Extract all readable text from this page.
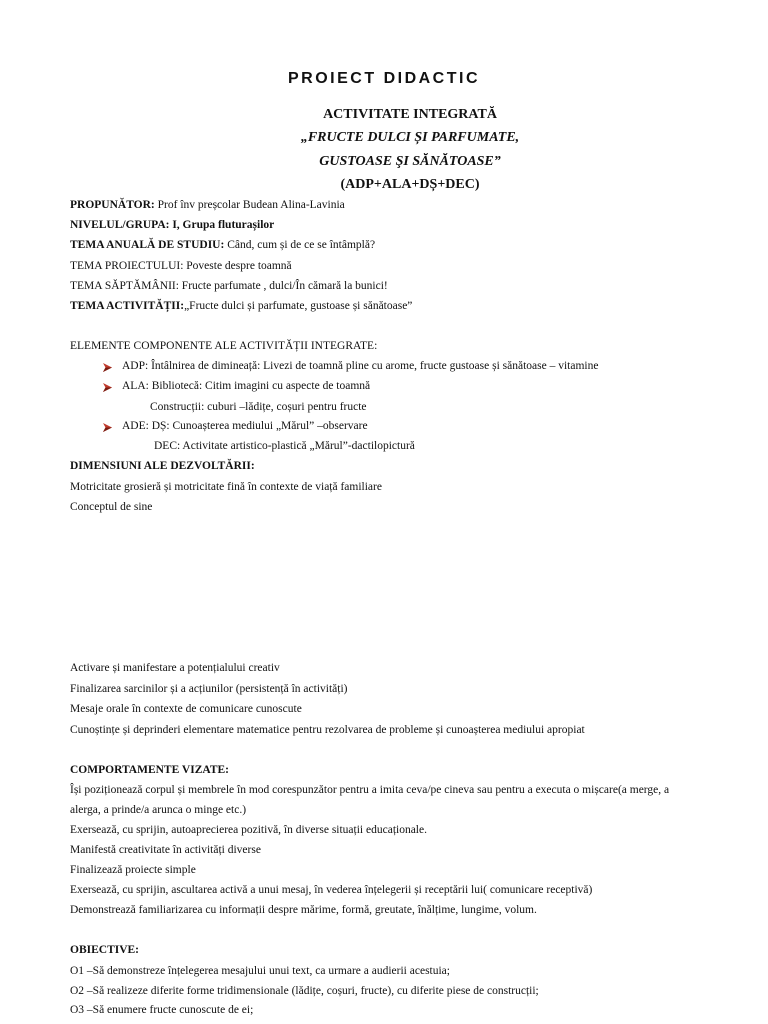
PROIECT DIDACTIC
ACTIVITATE INTEGRATĂ
„FRUCTE DULCI ȘI PARFUMATE,
GUSTOASE ŞI SĂNĂTOASE”
(ADP+ALA+DȘ+DEC)
PROPUNĂTOR: Prof înv preșcolar Budean Alina-Lavinia
NIVELUL/GRUPA: I, Grupa fluturașilor
TEMA ANUALĂ DE STUDIU: Când, cum și de ce se întâmplă?
TEMA PROIECTULUI: Poveste despre toamnă
TEMA SĂPTĂMÂNII: Fructe parfumate , dulci/În cămară la bunici!
TEMA ACTIVITĂȚII:„Fructe dulci și parfumate, gustoase și sănătoase”
ELEMENTE COMPONENTE ALE ACTIVITĂȚII INTEGRATE:
ADP: Întâlnirea de dimineață: Livezi de toamnă pline cu arome, fructe gustoase și sănătoase – vitamine
ALA: Bibliotecă: Citim imagini cu aspecte de toamnă
Construcții: cuburi –lădițe, coșuri pentru fructe
ADE: DȘ: Cunoașterea mediului „Mărul” –observare
DEC: Activitate artistico-plastică „Mărul”-dactilopictură
DIMENSIUNI ALE DEZVOLTĂRII:
Motricitate grosieră și motricitate fină în contexte de viață familiare
Conceptul de sine
Activare și manifestare a potențialului creativ
Finalizarea sarcinilor și a acțiunilor (persistență în activități)
Mesaje orale în contexte de comunicare cunoscute
Cunoștințe și deprinderi elementare matematice pentru rezolvarea de probleme și cunoașterea mediului apropiat
COMPORTAMENTE VIZATE:
Își poziționează corpul și membrele în mod corespunzător pentru a imita ceva/pe cineva sau pentru a executa o mișcare(a merge, a
alerga, a prinde/a arunca o minge etc.)
Exersează, cu sprijin, autoaprecierea pozitivă, în diverse situații educaționale.
Manifestă creativitate în activități diverse
Finalizează proiecte simple
Exersează, cu sprijin, ascultarea activă a unui mesaj, în vederea înțelegerii și receptării lui( comunicare receptivă)
Demonstrează familiarizarea cu informații despre mărime, formă, greutate, înălțime, lungime, volum.
OBIECTIVE:
O1 –Să demonstreze înțelegerea mesajului unui text, ca urmare a audierii acestuia;
O2 –Să realizeze diferite forme tridimensionale (lădițe, coșuri, fructe), cu diferite piese de construcții;
O3 –Să enumere fructe cunoscute de ei;
